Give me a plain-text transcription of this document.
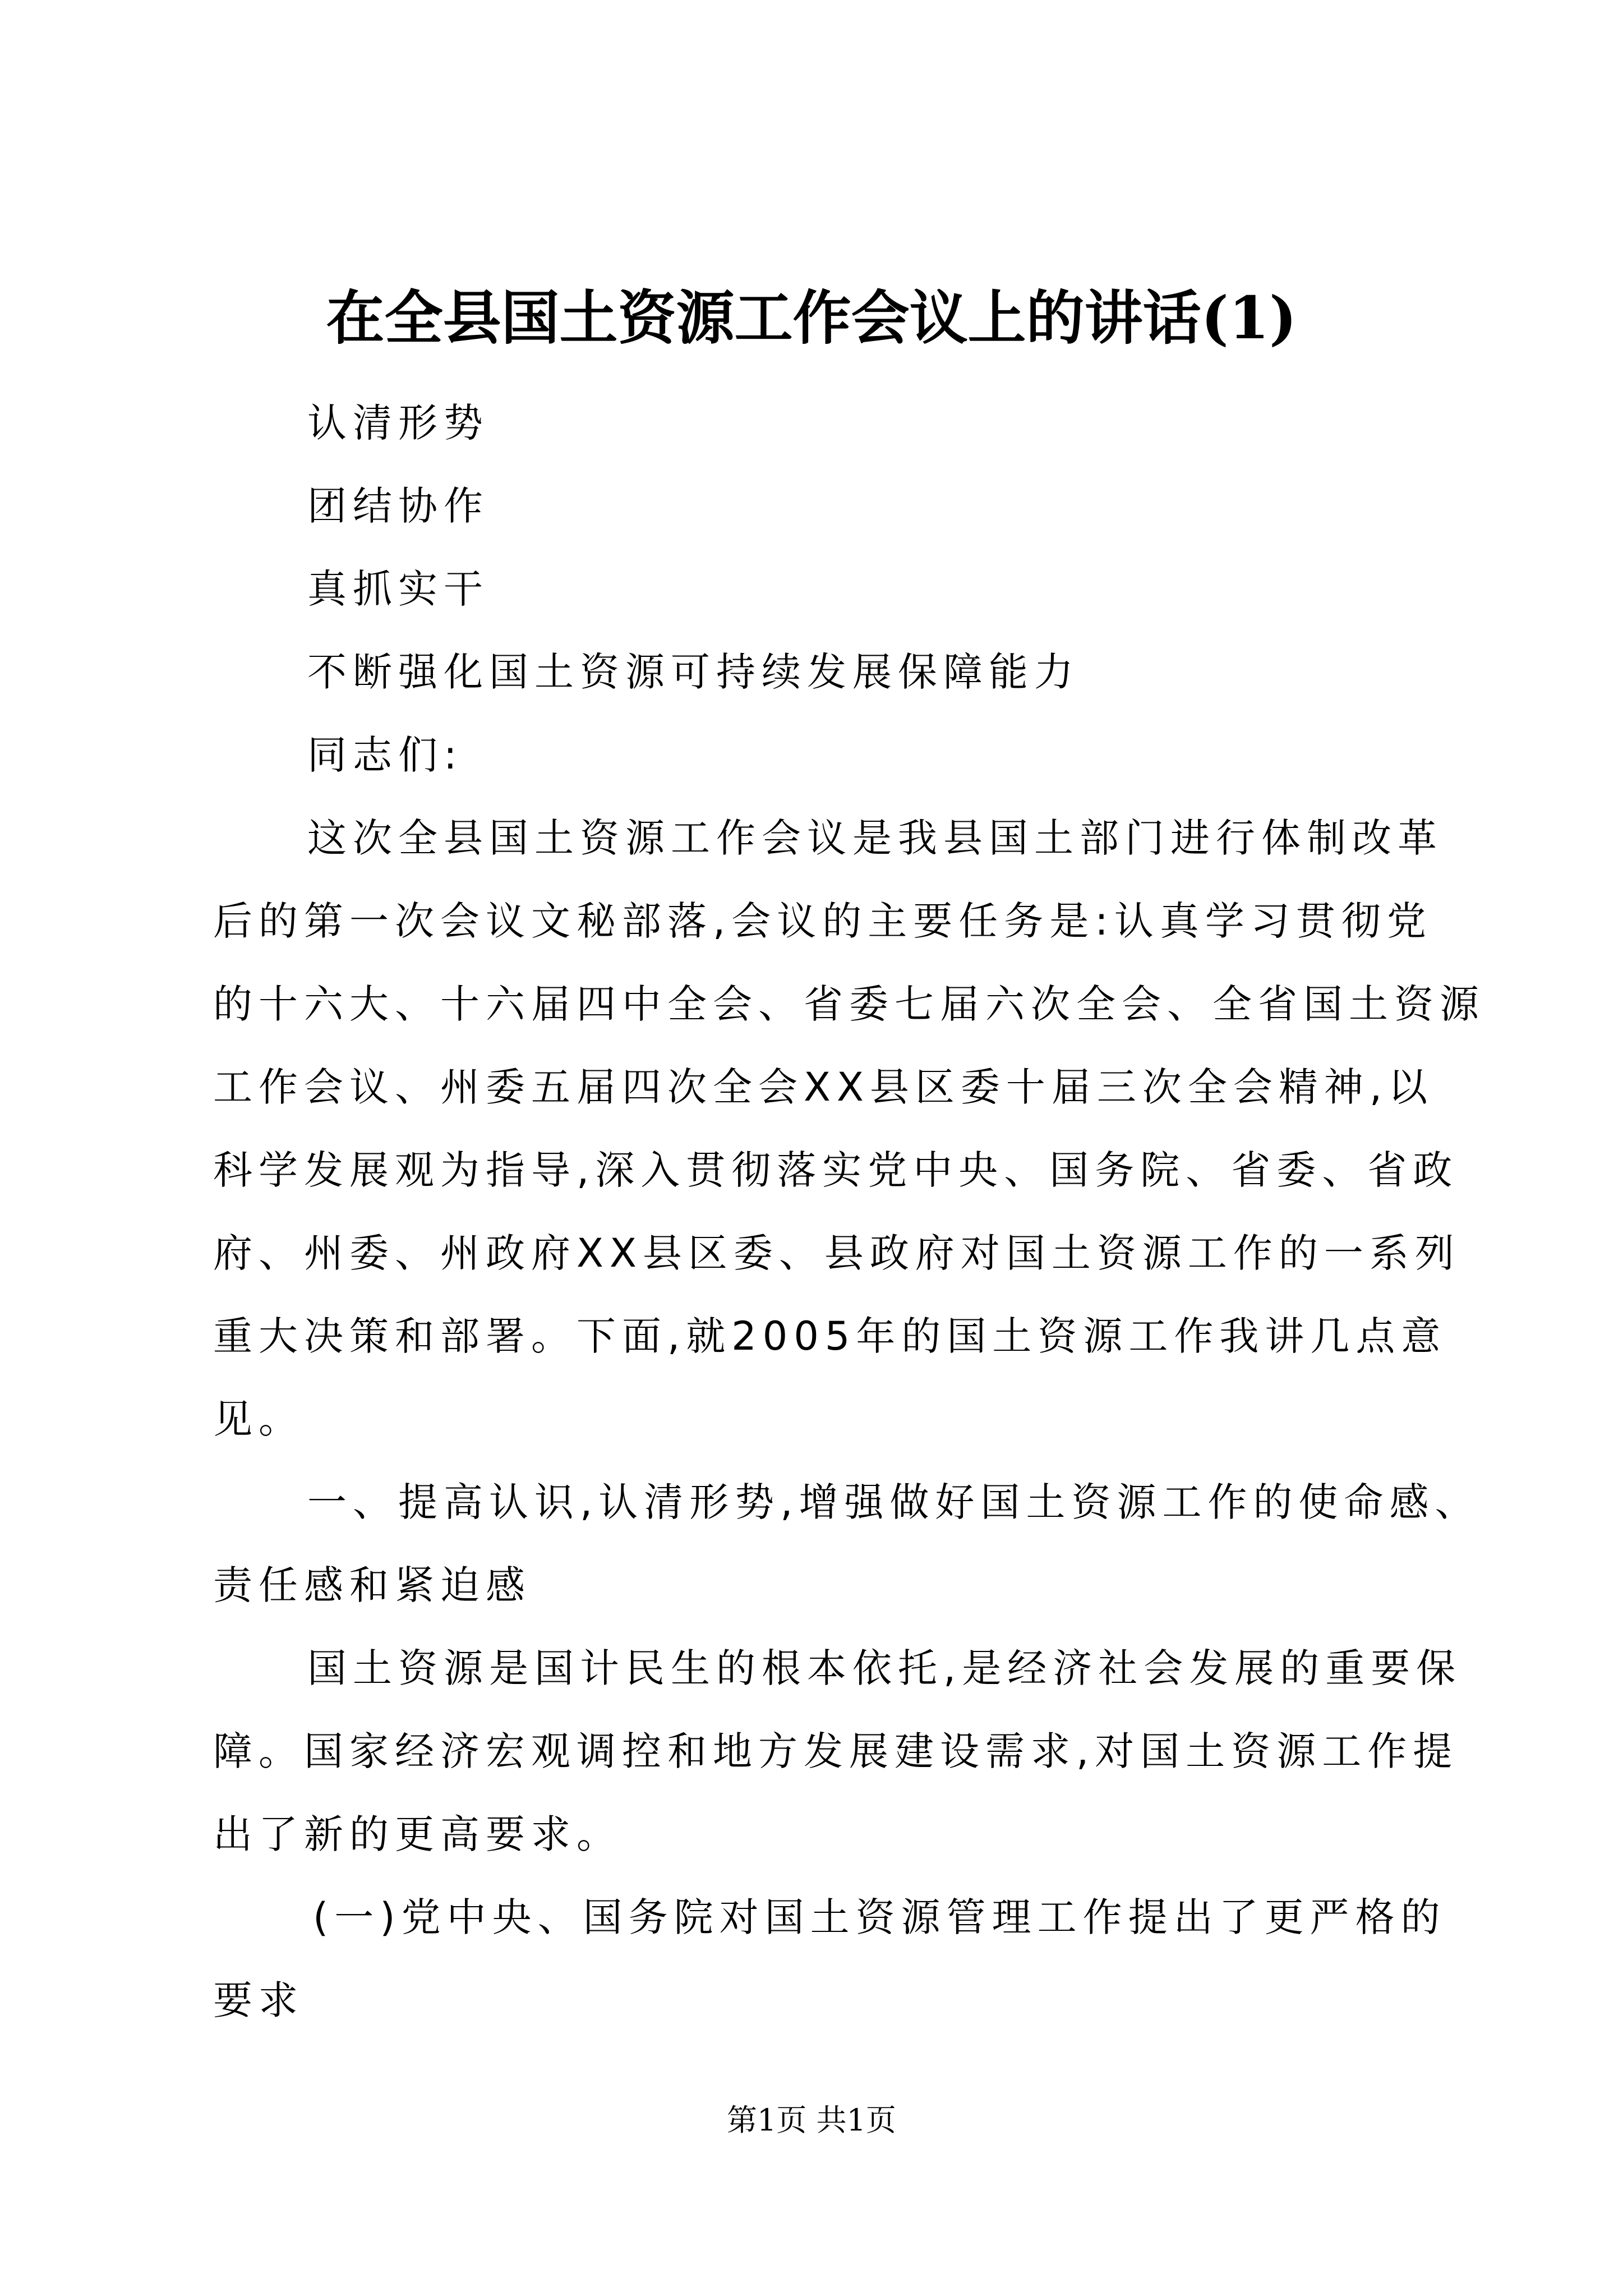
在全县国土资源工作会议上的讲话(1)
认清形势
团结协作
真抓实干
不断强化国土资源可持续发展保障能力
同志们:
这次全县国土资源工作会议是我县国土部门进行体制改革
后的第一次会议文秘部落,会议的主要任务是:认真学习贯彻党
的十六大、十六届四中全会、省委七届六次全会、全省国土资源
工作会议、州委五届四次全会XX县区委十届三次全会精神,以
科学发展观为指导,深入贯彻落实党中央、国务院、省委、省政
府、州委、州政府XX县区委、县政府对国土资源工作的一系列
重大决策和部署。下面,就2005年的国土资源工作我讲几点意
见。
一、提高认识,认清形势,增强做好国土资源工作的使命感、
责任感和紧迫感
国土资源是国计民生的根本依托,是经济社会发展的重要保
障。国家经济宏观调控和地方发展建设需求,对国土资源工作提
出了新的更高要求。
(一)党中央、国务院对国土资源管理工作提出了更严格的
要求
第1页 共1页
